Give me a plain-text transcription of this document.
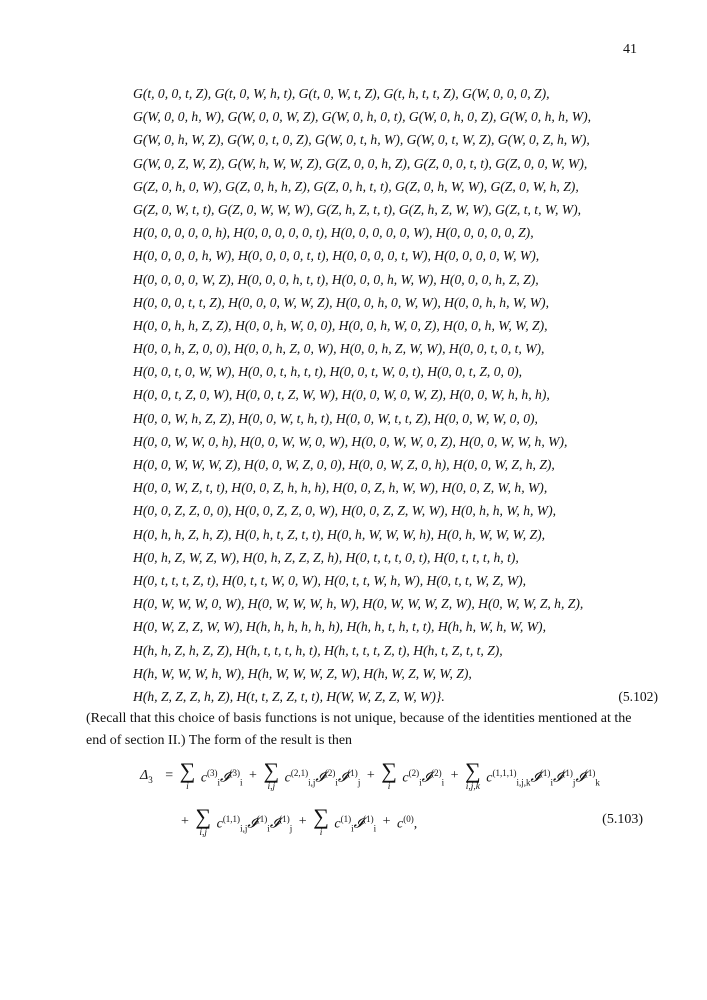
41
G(t, 0, 0, t, Z), G(t, 0, W, h, t), G(t, 0, W, t, Z), G(t, h, t, t, Z), G(W, 0, 0, 0, Z),
G(W, 0, 0, h, W), G(W, 0, 0, W, Z), G(W, 0, h, 0, t), G(W, 0, h, 0, Z), G(W, 0, h, h, W),
G(W, 0, h, W, Z), G(W, 0, t, 0, Z), G(W, 0, t, h, W), G(W, 0, t, W, Z), G(W, 0, Z, h, W),
G(W, 0, Z, W, Z), G(W, h, W, W, Z), G(Z, 0, 0, h, Z), G(Z, 0, 0, t, t), G(Z, 0, 0, W, W),
G(Z, 0, h, 0, W), G(Z, 0, h, h, Z), G(Z, 0, h, t, t), G(Z, 0, h, W, W), G(Z, 0, W, h, Z),
G(Z, 0, W, t, t), G(Z, 0, W, W, W), G(Z, h, Z, t, t), G(Z, h, Z, W, W), G(Z, t, t, W, W),
H(0, 0, 0, 0, 0, h), H(0, 0, 0, 0, 0, t), H(0, 0, 0, 0, 0, W), H(0, 0, 0, 0, 0, Z),
H(0, 0, 0, 0, h, W), H(0, 0, 0, 0, t, t), H(0, 0, 0, 0, t, W), H(0, 0, 0, 0, W, W),
H(0, 0, 0, 0, W, Z), H(0, 0, 0, h, t, t), H(0, 0, 0, h, W, W), H(0, 0, 0, h, Z, Z),
H(0, 0, 0, t, t, Z), H(0, 0, 0, W, W, Z), H(0, 0, h, 0, W, W), H(0, 0, h, h, W, W),
H(0, 0, h, h, Z, Z), H(0, 0, h, W, 0, 0), H(0, 0, h, W, 0, Z), H(0, 0, h, W, W, Z),
H(0, 0, h, Z, 0, 0), H(0, 0, h, Z, 0, W), H(0, 0, h, Z, W, W), H(0, 0, t, 0, t, W),
H(0, 0, t, 0, W, W), H(0, 0, t, h, t, t), H(0, 0, t, W, 0, t), H(0, 0, t, Z, 0, 0),
H(0, 0, t, Z, 0, W), H(0, 0, t, Z, W, W), H(0, 0, W, 0, W, Z), H(0, 0, W, h, h, h),
H(0, 0, W, h, Z, Z), H(0, 0, W, t, h, t), H(0, 0, W, t, t, Z), H(0, 0, W, W, 0, 0),
H(0, 0, W, W, 0, h), H(0, 0, W, W, 0, W), H(0, 0, W, W, 0, Z), H(0, 0, W, W, h, W),
H(0, 0, W, W, W, Z), H(0, 0, W, Z, 0, 0), H(0, 0, W, Z, 0, h), H(0, 0, W, Z, h, Z),
H(0, 0, W, Z, t, t), H(0, 0, Z, h, h, h), H(0, 0, Z, h, W, W), H(0, 0, Z, W, h, W),
H(0, 0, Z, Z, 0, 0), H(0, 0, Z, Z, 0, W), H(0, 0, Z, Z, W, W), H(0, h, h, W, h, W),
H(0, h, h, Z, h, Z), H(0, h, t, Z, t, t), H(0, h, W, W, W, h), H(0, h, W, W, W, Z),
H(0, h, Z, W, Z, W), H(0, h, Z, Z, Z, h), H(0, t, t, t, 0, t), H(0, t, t, t, h, t),
H(0, t, t, t, Z, t), H(0, t, t, W, 0, W), H(0, t, t, W, h, W), H(0, t, t, W, Z, W),
H(0, W, W, W, 0, W), H(0, W, W, W, h, W), H(0, W, W, W, Z, W), H(0, W, W, Z, h, Z),
H(0, W, Z, Z, W, W), H(h, h, h, h, h, h), H(h, h, t, h, t, t), H(h, h, W, h, W, W),
H(h, h, Z, h, Z, Z), H(h, t, t, t, h, t), H(h, t, t, t, Z, t), H(h, t, Z, t, t, Z),
H(h, W, W, W, h, W), H(h, W, W, W, Z, W), H(h, W, Z, W, W, Z),
H(h, Z, Z, Z, h, Z), H(t, t, Z, Z, t, t), H(W, W, Z, Z, W, W)}.	(5.102)
(Recall that this choice of basis functions is not unique, because of the identities mentioned at the end of section II.) The form of the result is then
$\Delta_3$ = ∑
i
$c^{(3)}_i𝓘^{(3)}_i$ + ∑
i,j
$c^{(2,1)}_{i,j}𝓘^{(2)}_i𝓘^{(1)}_j$ + ∑
i
$c^{(2)}_i𝓘^{(2)}_i$ + ∑
i,j,k
$c^{(1,1,1)}_{i,j,k}𝓘^{(1)}_i𝓘^{(1)}_j𝓘^{(1)}_k$
+ ∑
i,j
$c^{(1,1)}_{i,j}𝓘^{(1)}_i𝓘^{(1)}_j$ + ∑
i
$c^{(1)}_i𝓘^{(1)}_i + c^{(0)}$,	(5.103)
